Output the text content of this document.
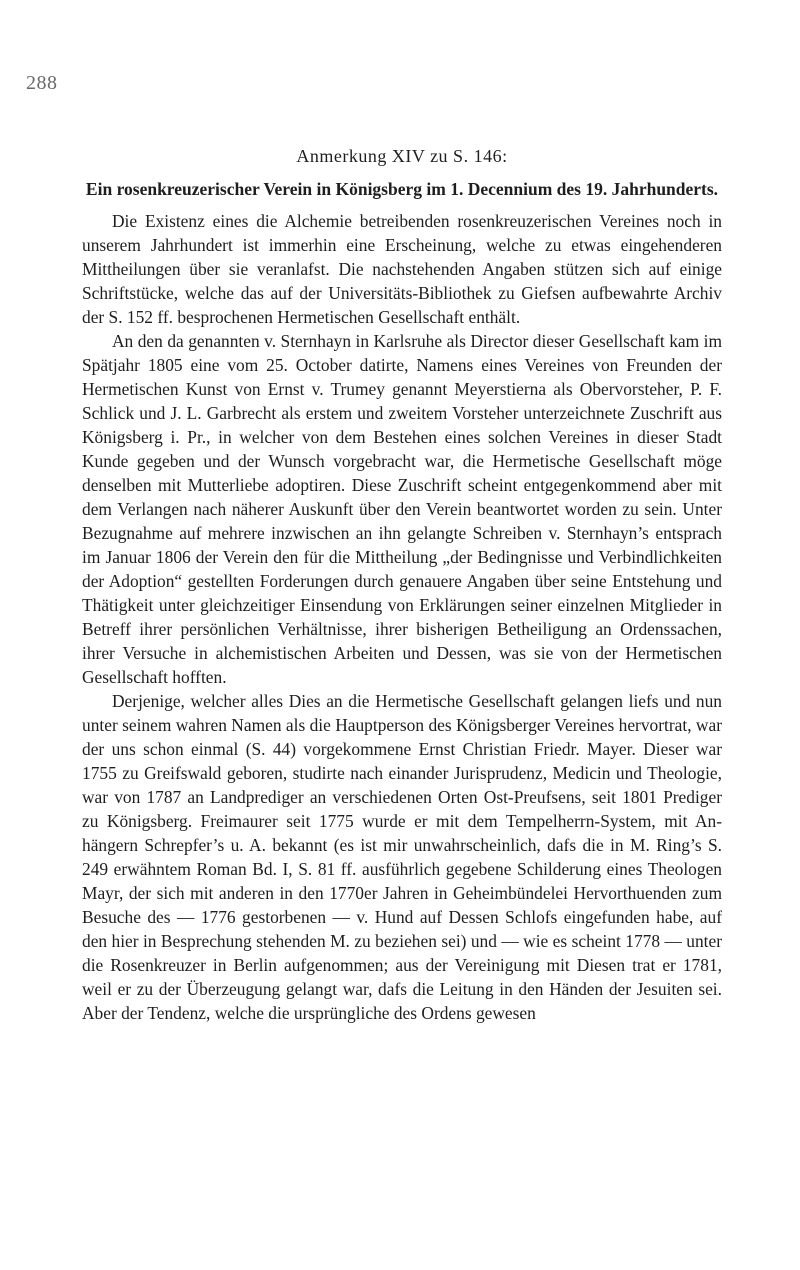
288
Anmerkung XIV zu S. 146:
Ein rosenkreuzerischer Verein in Königsberg im 1. Decennium des 19. Jahrhunderts.

Die Existenz eines die Alchemie betreibenden rosenkreuzerischen Vereines noch in unserem Jahrhundert ist immerhin eine Erscheinung, welche zu etwas eingehenderen Mittheilungen über sie veranlafst. Die nachstehenden Angaben stützen sich auf einige Schriftstücke, welche das auf der Universitäts-Bibliothek zu Giefsen aufbewahrte Archiv der S. 152 ff. besprochenen Hermetischen Gesellschaft enthält.

An den da genannten v. Sternhayn in Karlsruhe als Director dieser Gesellschaft kam im Spätjahr 1805 eine vom 25. October datirte, Namens eines Vereines von Freunden der Hermetischen Kunst von Ernst v. Trumey genannt Meyerstierna als Obervorsteher, P. F. Schlick und J. L. Garbrecht als erstem und zweitem Vorsteher unterzeichnete Zuschrift aus Königsberg i. Pr., in welcher von dem Bestehen eines solchen Vereines in dieser Stadt Kunde gegeben und der Wunsch vorgebracht war, die Hermetische Gesellschaft möge denselben mit Mutterliebe adoptiren. Diese Zuschrift scheint entgegenkommend aber mit dem Verlangen nach näherer Auskunft über den Verein beantwortet worden zu sein. Unter Bezugnahme auf mehrere inzwischen an ihn gelangte Schreiben v. Sternhayn’s entsprach im Januar 1806 der Verein den für die Mittheilung „der Bedingnisse und Verbindlichkeiten der Adoption“ gestellten Forderungen durch genauere Angaben über seine Entstehung und Thätigkeit unter gleichzeitiger Einsendung von Erklärungen seiner einzelnen Mitglieder in Betreff ihrer persönlichen Verhältnisse, ihrer bisherigen Betheiligung an Ordenssachen, ihrer Versuche in alchemistischen Arbeiten und Dessen, was sie von der Hermetischen Gesellschaft hofften.

Derjenige, welcher alles Dies an die Hermetische Gesellschaft gelangen liefs und nun unter seinem wahren Namen als die Hauptperson des Königsberger Vereines hervortrat, war der uns schon einmal (S. 44) vorgekommene Ernst Christian Friedr. Mayer. Dieser war 1755 zu Greifswald geboren, studirte nach einander Jurisprudenz, Medicin und Theologie, war von 1787 an Landprediger an verschiedenen Orten Ost-Preufsens, seit 1801 Prediger zu Königsberg. Freimaurer seit 1775 wurde er mit dem Tempelherrn-System, mit Anhängern Schrepfer’s u. A. bekannt (es ist mir unwahrscheinlich, dafs die in M. Ring’s S. 249 erwähntem Roman Bd. I, S. 81 ff. ausführlich gegebene Schilderung eines Theologen Mayr, der sich mit anderen in den 1770er Jahren in Geheimbündelei Hervorthuenden zum Besuche des — 1776 gestorbenen — v. Hund auf Dessen Schlofs eingefunden habe, auf den hier in Besprechung stehenden M. zu beziehen sei) und — wie es scheint 1778 — unter die Rosenkreuzer in Berlin aufgenommen; aus der Vereinigung mit Diesen trat er 1781, weil er zu der Überzeugung gelangt war, dafs die Leitung in den Händen der Jesuiten sei. Aber der Tendenz, welche die ursprüngliche des Ordens gewesen
